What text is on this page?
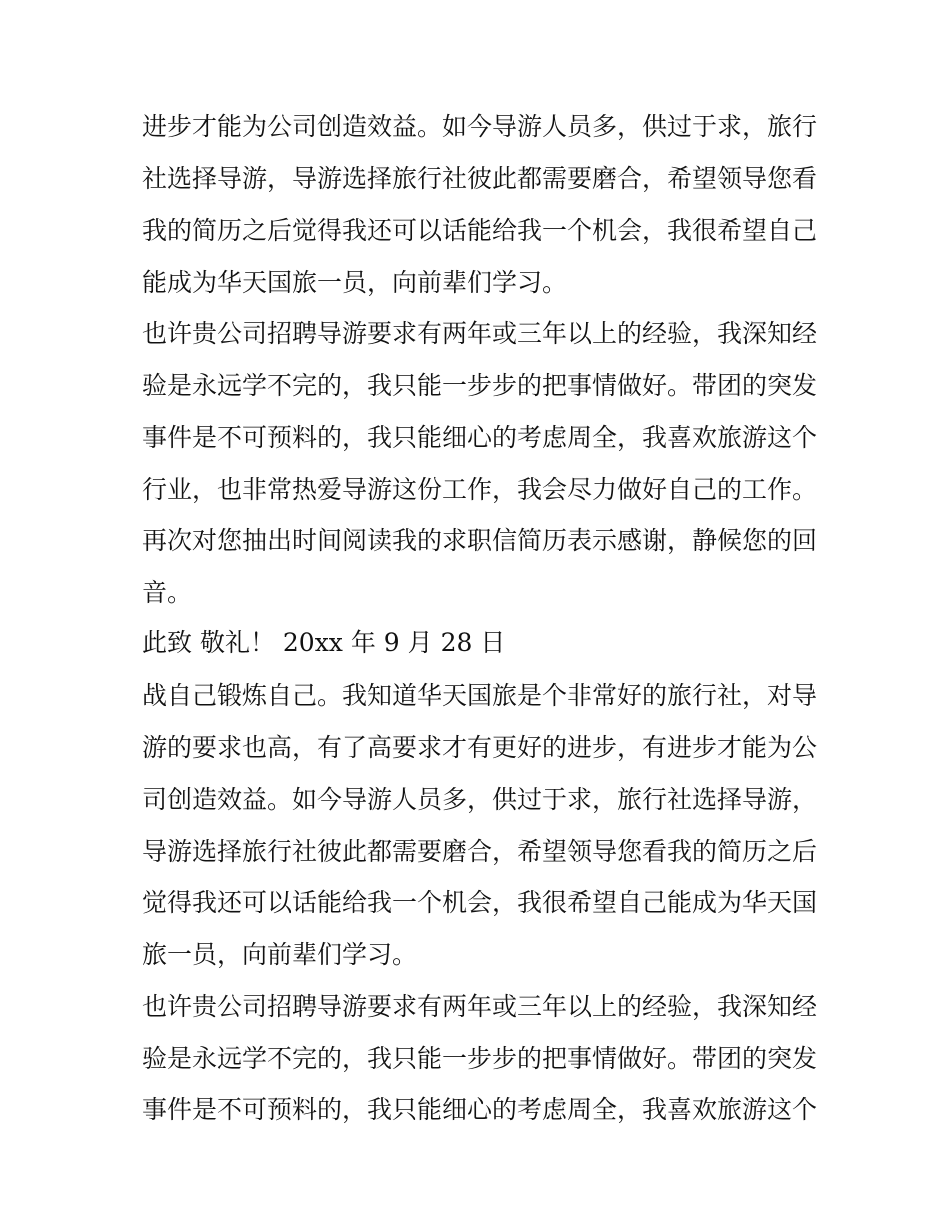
进步才能为公司创造效益。如今导游人员多，供过于求，旅行
社选择导游，导游选择旅行社彼此都需要磨合，希望领导您看
我的简历之后觉得我还可以话能给我一个机会，我很希望自己
能成为华天国旅一员，向前辈们学习。
也许贵公司招聘导游要求有两年或三年以上的经验，我深知经
验是永远学不完的，我只能一步步的把事情做好。带团的突发
事件是不可预料的，我只能细心的考虑周全，我喜欢旅游这个
行业，也非常热爱导游这份工作，我会尽力做好自己的工作。
再次对您抽出时间阅读我的求职信简历表示感谢，静候您的回
音。
此致 敬礼！ 20xx 年 9 月 28 日
战自己锻炼自己。我知道华天国旅是个非常好的旅行社，对导
游的要求也高，有了高要求才有更好的进步，有进步才能为公
司创造效益。如今导游人员多，供过于求，旅行社选择导游，
导游选择旅行社彼此都需要磨合，希望领导您看我的简历之后
觉得我还可以话能给我一个机会，我很希望自己能成为华天国
旅一员，向前辈们学习。
也许贵公司招聘导游要求有两年或三年以上的经验，我深知经
验是永远学不完的，我只能一步步的把事情做好。带团的突发
事件是不可预料的，我只能细心的考虑周全，我喜欢旅游这个
